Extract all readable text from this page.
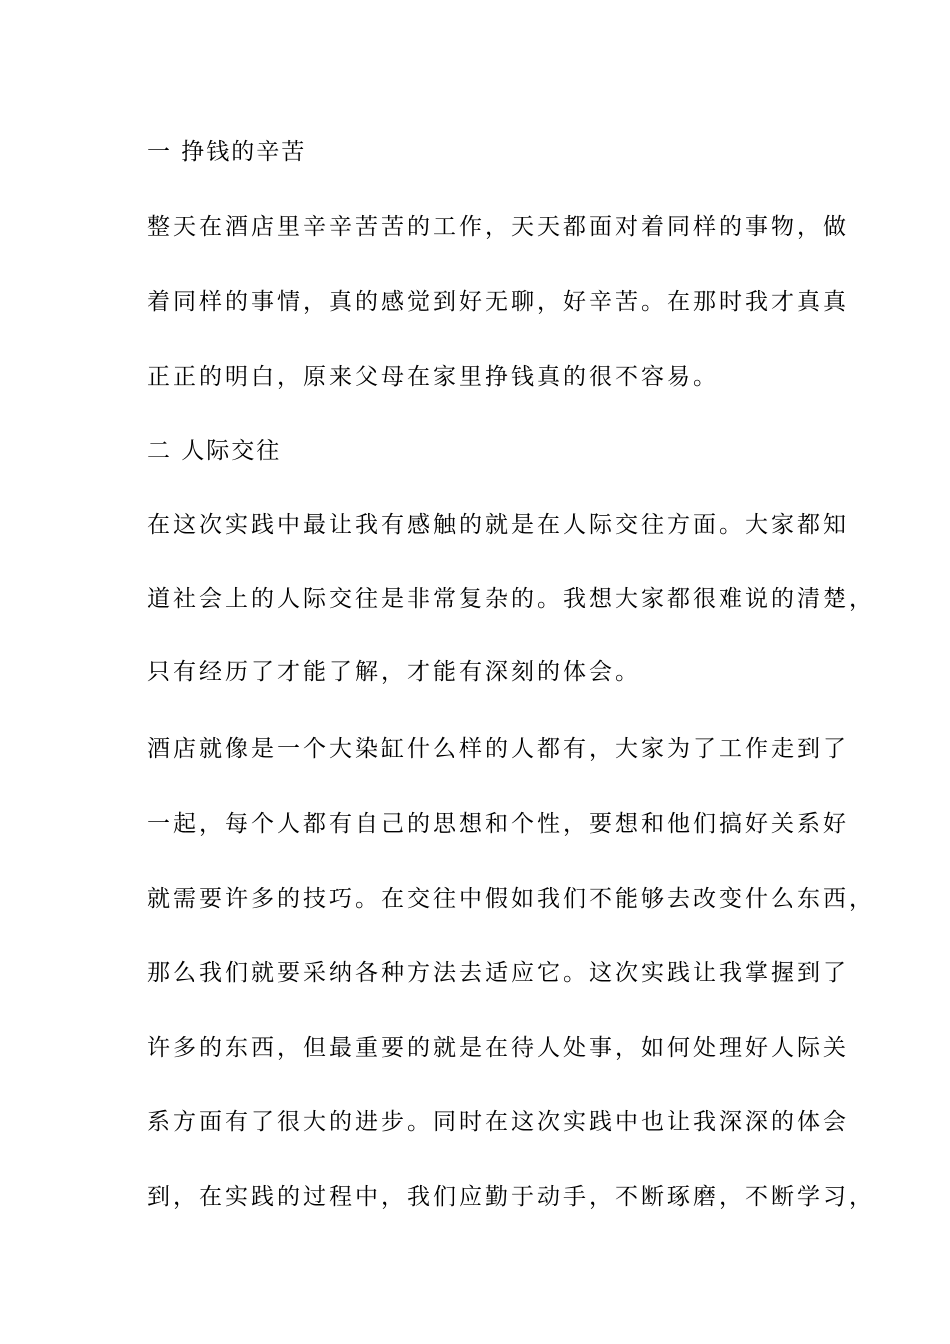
一 挣钱的辛苦

整天在酒店里辛辛苦苦的工作，天天都面对着同样的事物，做

着同样的事情，真的感觉到好无聊，好辛苦。在那时我才真真

正正的明白，原来父母在家里挣钱真的很不容易。

二 人际交往

在这次实践中最让我有感触的就是在人际交往方面。大家都知

道社会上的人际交往是非常复杂的。我想大家都很难说的清楚，

只有经历了才能了解，才能有深刻的体会。

酒店就像是一个大染缸什么样的人都有，大家为了工作走到了

一起，每个人都有自己的思想和个性，要想和他们搞好关系好

就需要许多的技巧。在交往中假如我们不能够去改变什么东西，

那么我们就要采纳各种方法去适应它。这次实践让我掌握到了

许多的东西，但最重要的就是在待人处事，如何处理好人际关

系方面有了很大的进步。同时在这次实践中也让我深深的体会

到，在实践的过程中，我们应勤于动手，不断琢磨，不断学习，
